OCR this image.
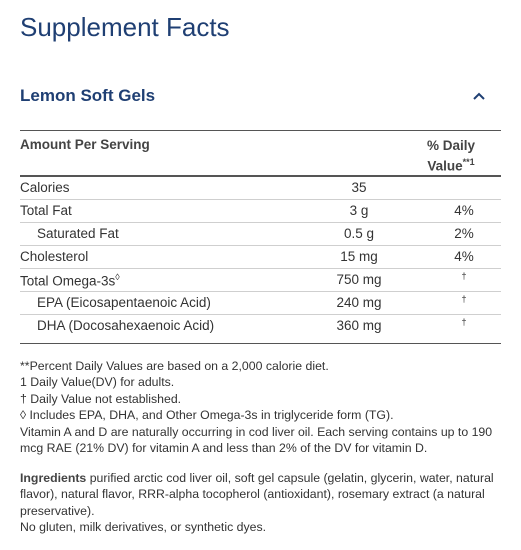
Supplement Facts
Lemon Soft Gels
Amount Per Serving	% Daily
Value$^{**1}$
Calories	35
Total Fat	3 g	4%
Saturated Fat	0.5 g	2%
Cholesterol	15 mg	4%
Total Omega-3s◊	750 mg	†
EPA (Eicosapentaenoic Acid)	240 mg	†
DHA (Docosahexaenoic Acid)	360 mg	†

**Percent Daily Values are based on a 2,000 calorie diet.

1 Daily Value(DV) for adults.

† Daily Value not established.

◊ Includes EPA, DHA, and Other Omega-3s in triglyceride form (TG).

Vitamin A and D are naturally occurring in cod liver oil. Each serving contains up to 190 mcg RAE (21% DV) for vitamin A and less than 2% of the DV for vitamin D.

Ingredients purified arctic cod liver oil, soft gel capsule (gelatin, glycerin, water, natural flavor), natural flavor, RRR-alpha tocopherol (antioxidant), rosemary extract (a natural preservative).

No gluten, milk derivatives, or synthetic dyes.
